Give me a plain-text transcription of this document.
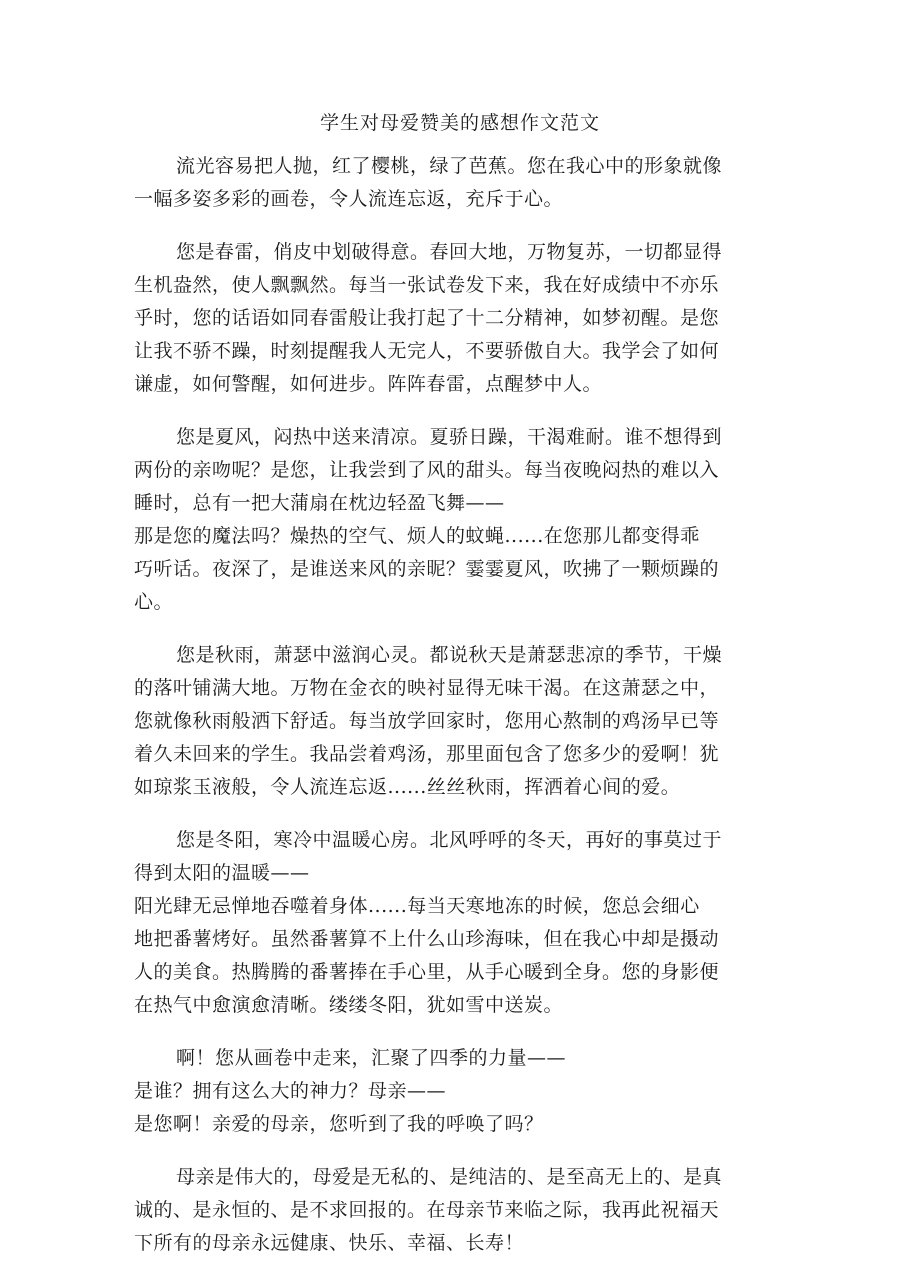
学生对母爱赞美的感想作文范文

流光容易把人抛，红了樱桃，绿了芭蕉。您在我心中的形象就像
一幅多姿多彩的画卷，令人流连忘返，充斥于心。

您是春雷，俏皮中划破得意。春回大地，万物复苏，一切都显得
生机盎然，使人飘飘然。每当一张试卷发下来，我在好成绩中不亦乐
乎时，您的话语如同春雷般让我打起了十二分精神，如梦初醒。是您
让我不骄不躁，时刻提醒我人无完人，不要骄傲自大。我学会了如何
谦虚，如何警醒，如何进步。阵阵春雷，点醒梦中人。

您是夏风，闷热中送来清凉。夏骄日躁，干渴难耐。谁不想得到
两份的亲吻呢？是您，让我尝到了风的甜头。每当夜晚闷热的难以入
睡时，总有一把大蒲扇在枕边轻盈飞舞——
那是您的魔法吗？燥热的空气、烦人的蚊蝇......在您那儿都变得乖
巧听话。夜深了，是谁送来风的亲昵？霎霎夏风，吹拂了一颗烦躁的
心。

您是秋雨，萧瑟中滋润心灵。都说秋天是萧瑟悲凉的季节，干燥
的落叶铺满大地。万物在金衣的映衬显得无味干渴。在这萧瑟之中，
您就像秋雨般洒下舒适。每当放学回家时，您用心熬制的鸡汤早已等
着久未回来的学生。我品尝着鸡汤，那里面包含了您多少的爱啊！犹
如琼浆玉液般，令人流连忘返......丝丝秋雨，挥洒着心间的爱。

您是冬阳，寒冷中温暖心房。北风呼呼的冬天，再好的事莫过于
得到太阳的温暖——
阳光肆无忌惮地吞噬着身体......每当天寒地冻的时候，您总会细心
地把番薯烤好。虽然番薯算不上什么山珍海味，但在我心中却是摄动
人的美食。热腾腾的番薯捧在手心里，从手心暖到全身。您的身影便
在热气中愈演愈清晰。缕缕冬阳，犹如雪中送炭。

啊！您从画卷中走来，汇聚了四季的力量——
是谁？拥有这么大的神力？母亲——
是您啊！亲爱的母亲，您听到了我的呼唤了吗？

母亲是伟大的，母爱是无私的、是纯洁的、是至高无上的、是真
诚的、是永恒的、是不求回报的。在母亲节来临之际，我再此祝福天
下所有的母亲永远健康、快乐、幸福、长寿！
